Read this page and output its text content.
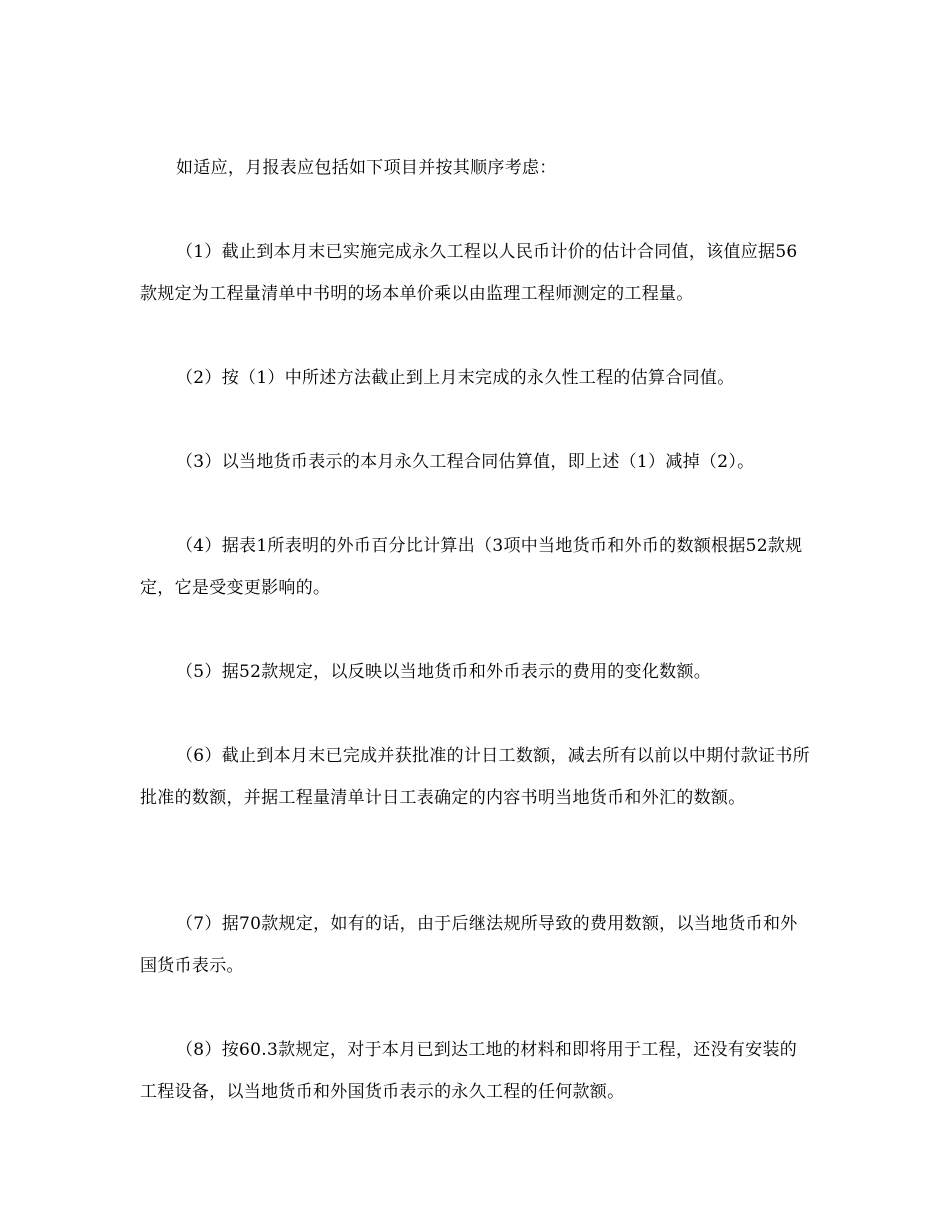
如适应，月报表应包括如下项目并按其顺序考虑：

（1）截止到本月末已实施完成永久工程以人民币计价的估计合同值，该值应据56款规定为工程量清单中书明的场本单价乘以由监理工程师测定的工程量。

（2）按（1）中所述方法截止到上月末完成的永久性工程的估算合同值。

（3）以当地货币表示的本月永久工程合同估算值，即上述（1）减掉（2）。

（4）据表1所表明的外币百分比计算出（3项中当地货币和外币的数额根据52款规定，它是受变更影响的。

（5）据52款规定，以反映以当地货币和外币表示的费用的变化数额。

（6）截止到本月末已完成并获批准的计日工数额，减去所有以前以中期付款证书所批准的数额，并据工程量清单计日工表确定的内容书明当地货币和外汇的数额。

（7）据70款规定，如有的话，由于后继法规所导致的费用数额，以当地货币和外国货币表示。

（8）按60.3款规定，对于本月已到达工地的材料和即将用于工程，还没有安装的工程设备，以当地货币和外国货币表示的永久工程的任何款额。
